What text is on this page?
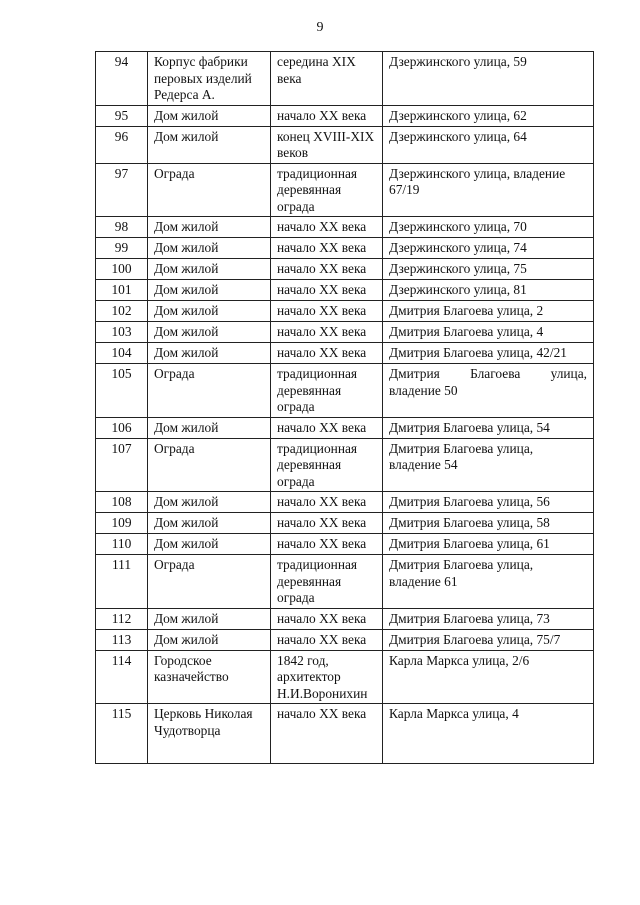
9
94	Корпус фабрики перовых изделий Редерса А.	середина XIX века	Дзержинского улица, 59
95	Дом жилой	начало XX века	Дзержинского улица, 62
96	Дом жилой	конец XVIII-XIX веков	Дзержинского улица, 64
97	Ограда	традиционная деревянная ограда	Дзержинского улица, владение 67/19
98	Дом жилой	начало XX века	Дзержинского улица, 70
99	Дом жилой	начало XX века	Дзержинского улица, 74
100	Дом жилой	начало XX века	Дзержинского улица, 75
101	Дом жилой	начало XX века	Дзержинского улица, 81
102	Дом жилой	начало XX века	Дмитрия Благоева улица, 2
103	Дом жилой	начало XX века	Дмитрия Благоева улица, 4
104	Дом жилой	начало XX века	Дмитрия Благоева улица, 42/21
105	Ограда	традиционная деревянная ограда	Дмитрия Благоева улица, владение 50
106	Дом жилой	начало XX века	Дмитрия Благоева улица, 54
107	Ограда	традиционная деревянная ограда	Дмитрия Благоева улица, владение 54
108	Дом жилой	начало XX века	Дмитрия Благоева улица, 56
109	Дом жилой	начало XX века	Дмитрия Благоева улица, 58
110	Дом жилой	начало XX века	Дмитрия Благоева улица, 61
111	Ограда	традиционная деревянная ограда	Дмитрия Благоева улица, владение 61
112	Дом жилой	начало XX века	Дмитрия Благоева улица, 73
113	Дом жилой	начало XX века	Дмитрия Благоева улица, 75/7
114	Городское казначейство	1842 год, архитектор Н.И.Воронихин	Карла Маркса улица, 2/6
115	Церковь Николая Чудотворца	начало XX века	Карла Маркса улица, 4
